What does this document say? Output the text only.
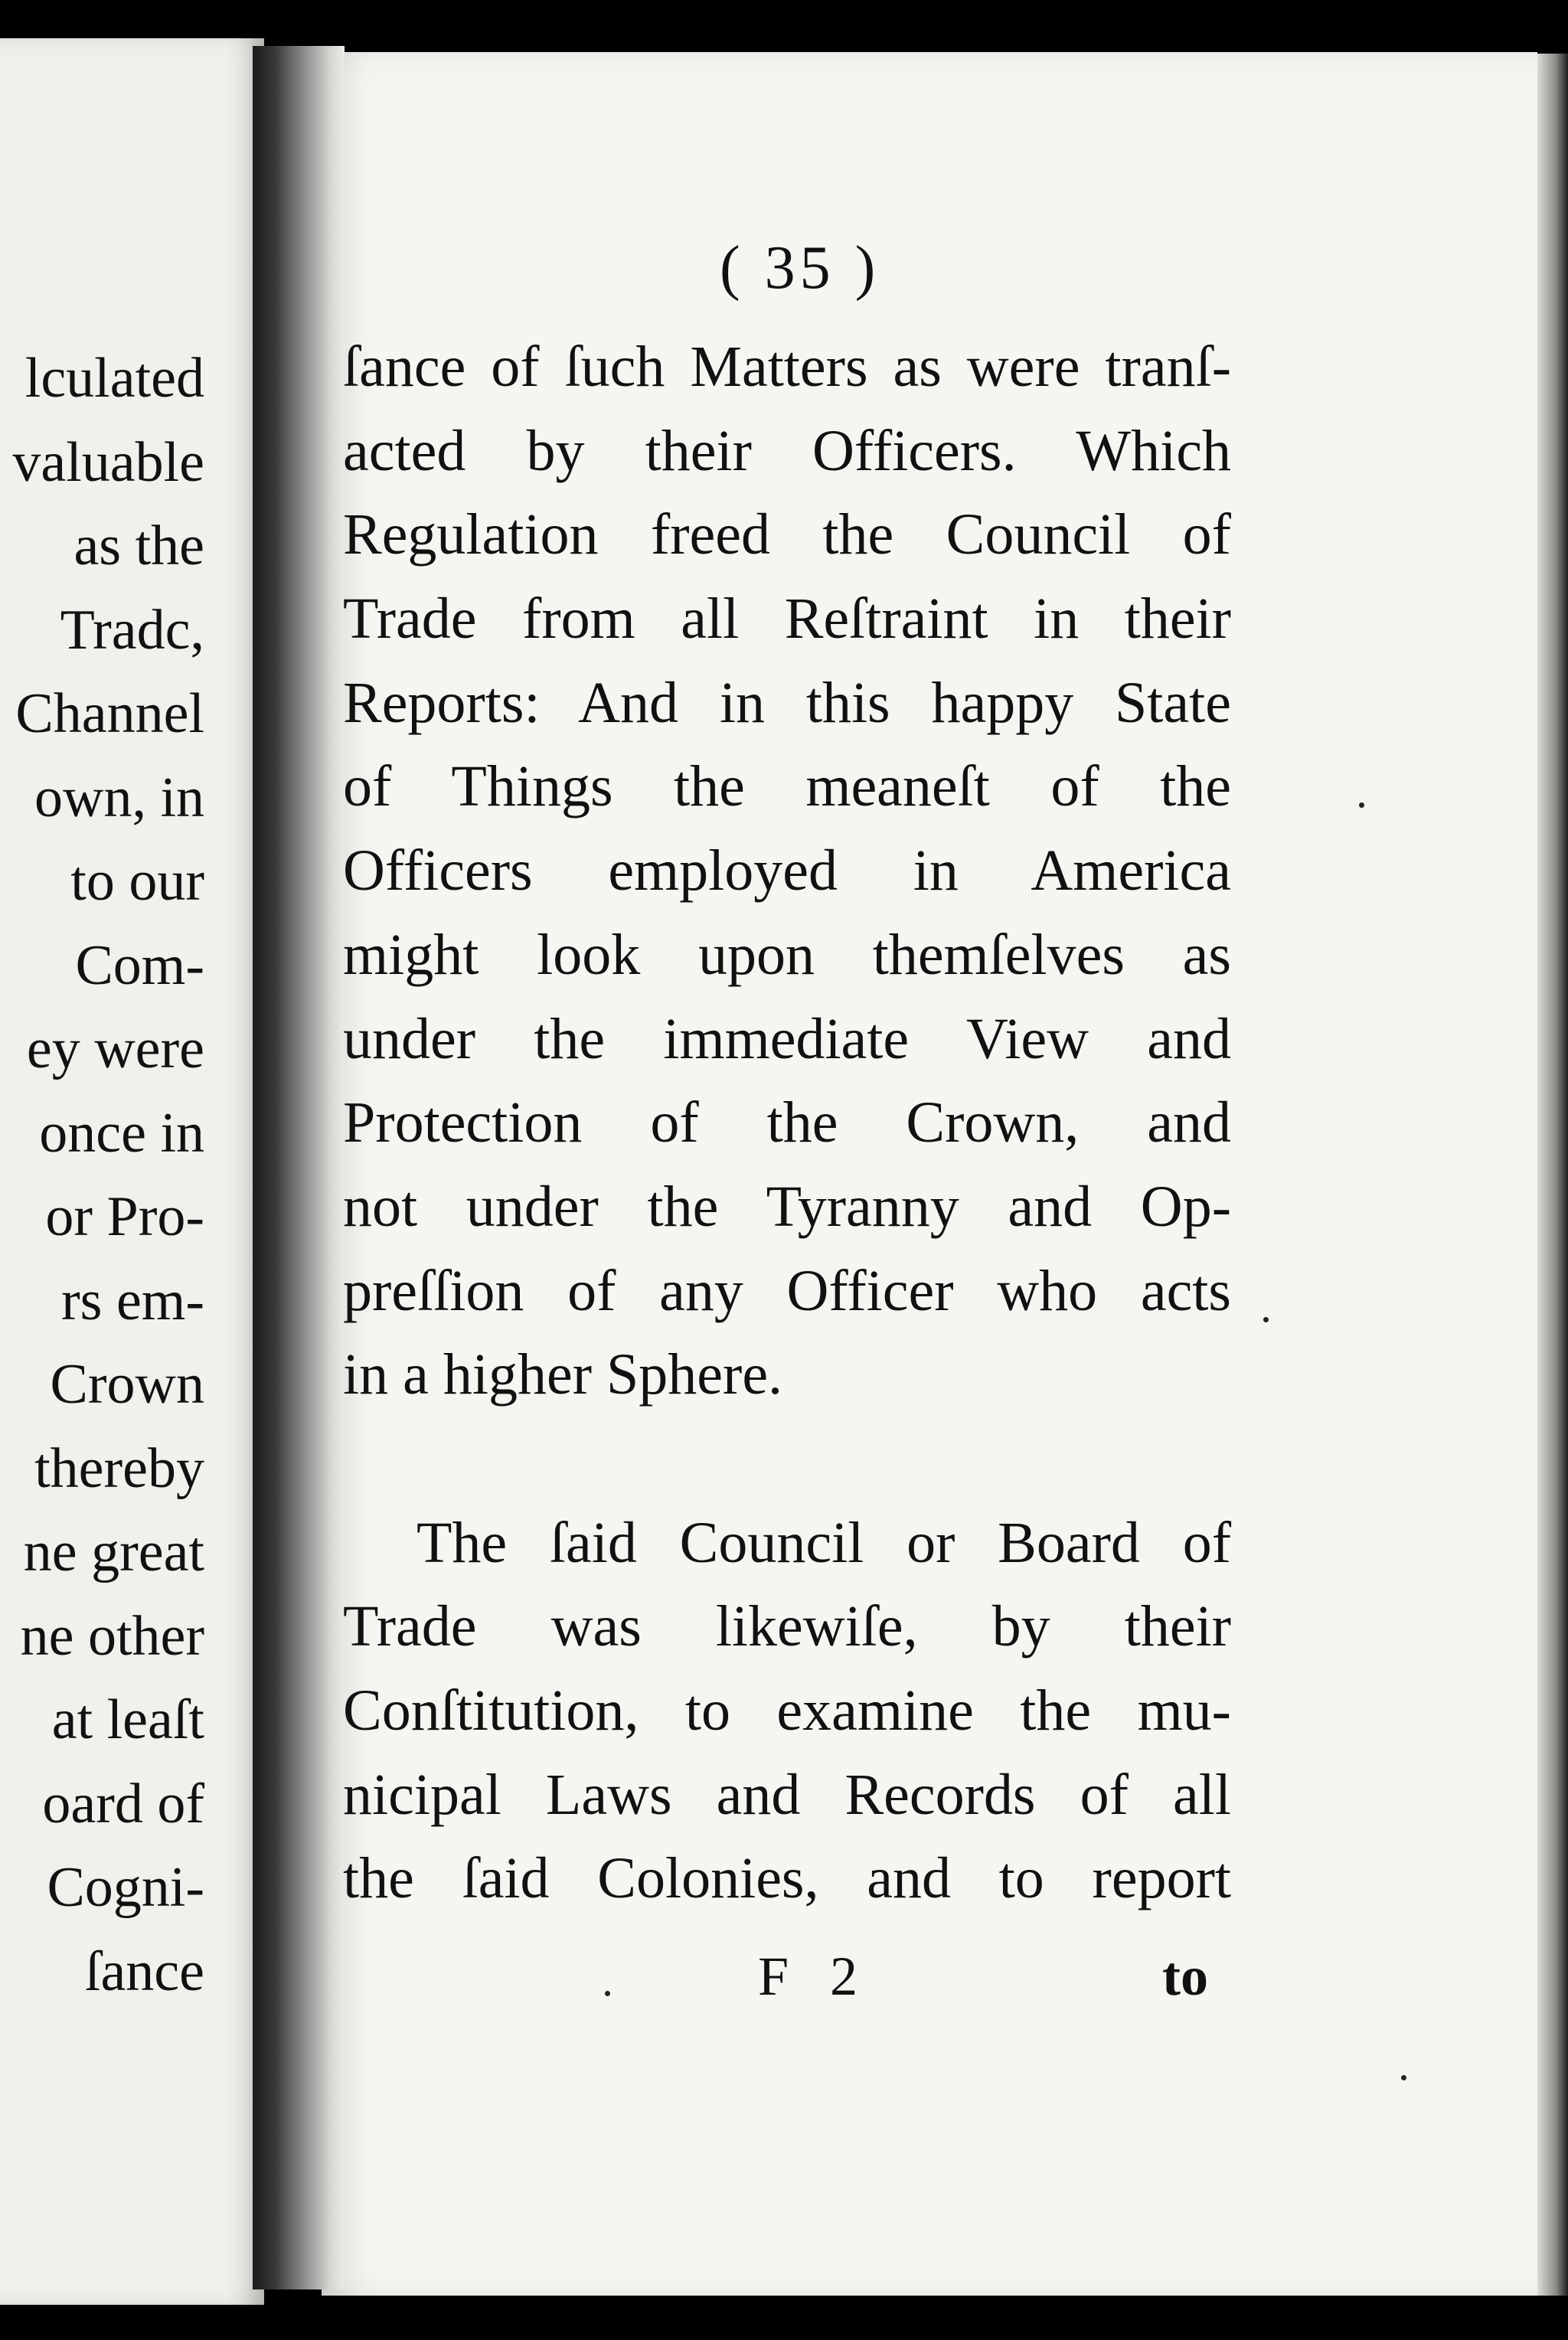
lculated
valuable
as the
Tradc,
Channel
own, in
to our
Com-
ey were
once in
or Pro-
rs em-
Crown
thereby
ne great
ne other
at leaſt
oard of
Cogni-
ſance
( 35 )
ſance of ſuch Matters as were tranſ-
acted by their Officers. Which
Regulation freed the Council of
Trade from all Reſtraint in their
Reports: And in this happy State
of Things the meaneſt of the
Officers employed in America
might look upon themſelves as
under the immediate View and
Protection of the Crown, and
not under the Tyranny and Op-
preſſion of any Officer who acts
in a higher Sphere.
The ſaid Council or Board of
Trade was likewiſe, by their
Conſtitution, to examine the mu-
nicipal Laws and Records of all
the ſaid Colonies, and to report
F 2	to
